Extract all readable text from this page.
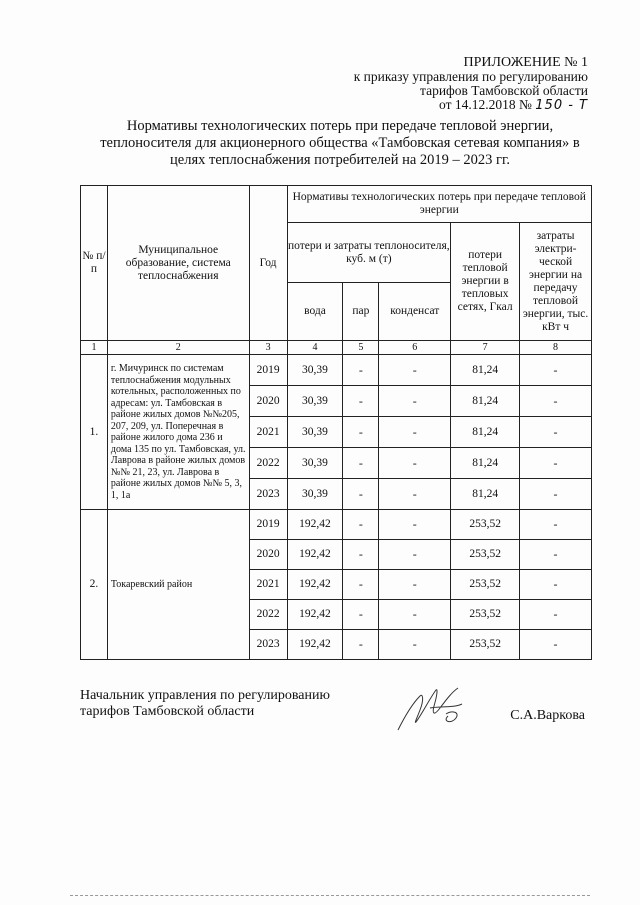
ПРИЛОЖЕНИЕ № 1
к приказу управления по регулированию
тарифов Тамбовской области
от 14.12.2018 № 150 - Т
Нормативы технологических потерь при передаче тепловой энергии,
теплоносителя для акционерного общества «Тамбовская сетевая компания» в
целях теплоснабжения потребителей на 2019 – 2023 гг.
№ п/п	Муниципальное образование, система теплоснабжения	Год	Нормативы технологических потерь при передаче тепловой энергии				
			потери и затраты теплоносителя, куб. м (т)			потери тепловой энергии в тепловых сетях, Гкал	затраты электри-ческой энергии на передачу тепловой энергии, тыс. кВт ч
			вода	пар	конденсат		
1	2	3	4	5	6	7	8
1.	г. Мичуринск по системам теплоснабжения модульных котельных, расположенных по адресам: ул. Тамбовская в районе жилых домов №№205, 207, 209, ул. Поперечная в районе жилого дома 236 и дома 135 по ул. Тамбовская, ул. Лаврова в районе жилых домов №№ 21, 23, ул. Лаврова в районе жилых домов №№ 5, 3, 1, 1а	2019	30,39	-	-	81,24	-
		2020	30,39	-	-	81,24	-
		2021	30,39	-	-	81,24	-
		2022	30,39	-	-	81,24	-
		2023	30,39	-	-	81,24	-
2.	Токаревский район	2019	192,42	-	-	253,52	-
		2020	192,42	-	-	253,52	-
		2021	192,42	-	-	253,52	-
		2022	192,42	-	-	253,52	-
		2023	192,42	-	-	253,52	-
Начальник управления по регулированию
тарифов Тамбовской области	С.А.Варкова
